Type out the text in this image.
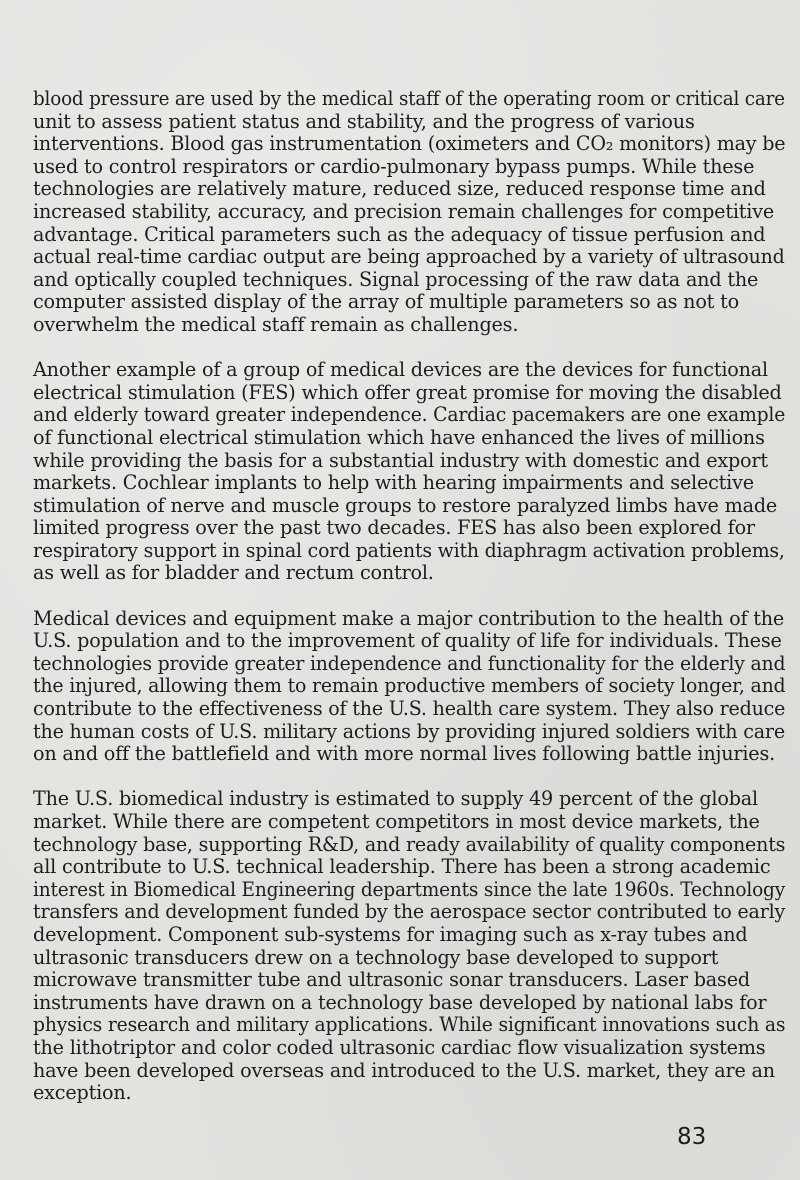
blood pressure are used by the medical staff of the operating room or critical care
unit to assess patient status and stability, and the progress of various
interventions. Blood gas instrumentation (oximeters and CO₂ monitors) may be
used to control respirators or cardio-pulmonary bypass pumps. While these
technologies are relatively mature, reduced size, reduced response time and
increased stability, accuracy, and precision remain challenges for competitive
advantage. Critical parameters such as the adequacy of tissue perfusion and
actual real-time cardiac output are being approached by a variety of ultrasound
and optically coupled techniques. Signal processing of the raw data and the
computer assisted display of the array of multiple parameters so as not to
overwhelm the medical staff remain as challenges.

Another example of a group of medical devices are the devices for functional
electrical stimulation (FES) which offer great promise for moving the disabled
and elderly toward greater independence. Cardiac pacemakers are one example
of functional electrical stimulation which have enhanced the lives of millions
while providing the basis for a substantial industry with domestic and export
markets. Cochlear implants to help with hearing impairments and selective
stimulation of nerve and muscle groups to restore paralyzed limbs have made
limited progress over the past two decades. FES has also been explored for
respiratory support in spinal cord patients with diaphragm activation problems,
as well as for bladder and rectum control.

Medical devices and equipment make a major contribution to the health of the
U.S. population and to the improvement of quality of life for individuals. These
technologies provide greater independence and functionality for the elderly and
the injured, allowing them to remain productive members of society longer, and
contribute to the effectiveness of the U.S. health care system. They also reduce
the human costs of U.S. military actions by providing injured soldiers with care
on and off the battlefield and with more normal lives following battle injuries.

The U.S. biomedical industry is estimated to supply 49 percent of the global
market. While there are competent competitors in most device markets, the
technology base, supporting R&D, and ready availability of quality components
all contribute to U.S. technical leadership. There has been a strong academic
interest in Biomedical Engineering departments since the late 1960s. Technology
transfers and development funded by the aerospace sector contributed to early
development. Component sub-systems for imaging such as x-ray tubes and
ultrasonic transducers drew on a technology base developed to support
microwave transmitter tube and ultrasonic sonar transducers. Laser based
instruments have drawn on a technology base developed by national labs for
physics research and military applications. While significant innovations such as
the lithotriptor and color coded ultrasonic cardiac flow visualization systems
have been developed overseas and introduced to the U.S. market, they are an
exception.

83
